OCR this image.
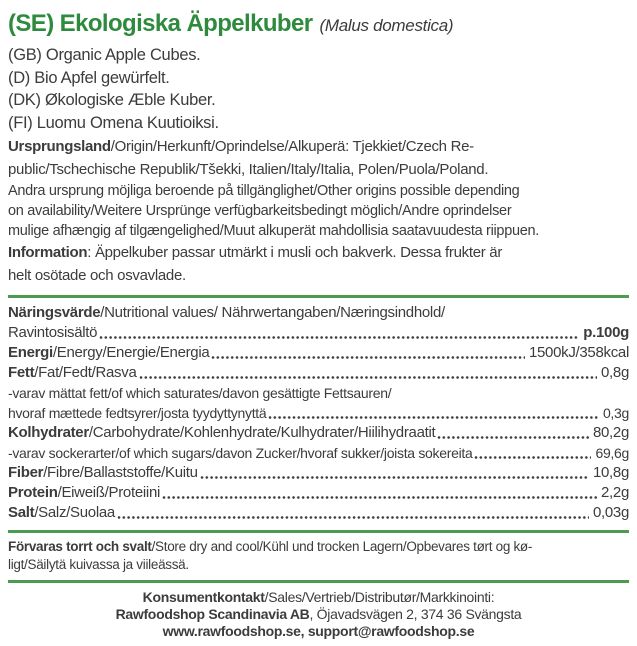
(SE) Ekologiska Äppelkuber (Malus domestica)
(GB) Organic Apple Cubes.
(D) Bio Apfel gewürfelt.
(DK) Økologiske Æble Kuber.
(FI) Luomu Omena Kuutioiksi.

Ursprungsland/Origin/Herkunft/Oprindelse/Alkuperä: Tjekkiet/Czech Re-
public/Tschechische Republik/Tšekki, Italien/Italy/Italia, Polen/Puola/Poland.

Andra ursprung möjliga beroende på tillgänglighet/Other origins possible depending
on availability/Weitere Ursprünge verfügbarkeitsbedingt möglich/Andre oprindelser
mulige afhængig af tilgængelighed/Muut alkuperät mahdollisia saatavuudesta riippuen.

Information: Äppelkuber passar utmärkt i musli och bakverk. Dessa frukter är
helt osötade och osvavlade.

Näringsvärde/Nutritional values/ Nährwertangaben/Næringsindhold/
Ravintosisältö	p.100g
Energi/Energy/Energie/Energia	1500kJ/358kcal
Fett/Fat/Fedt/Rasva	0,8g
-varav mättat fett/of which saturates/davon gesättigte Fettsauren/
hvoraf mættede fedtsyrer/josta tyydyttynyttä	0,3g
Kolhydrater/Carbohydrate/Kohlenhydrate/Kulhydrater/Hiilihydraatit	80,2g
-varav sockerarter/of which sugars/davon Zucker/hvoraf sukker/joista sokereita	69,6g
Fiber/Fibre/Ballaststoffe/Kuitu	10,8g
Protein/Eiweiß/Proteiini	2,2g
Salt/Salz/Suolaa	0,03g

Förvaras torrt och svalt/Store dry and cool/Kühl und trocken Lagern/Opbevares tørt og kø-
ligt/Säilytä kuivassa ja viileässä.

Konsumentkontakt/Sales/Vertrieb/Distributør/Markkinointi:
Rawfoodshop Scandinavia AB, Öjavadsvägen 2, 374 36 Svängsta
www.rawfoodshop.se, support@rawfoodshop.se
